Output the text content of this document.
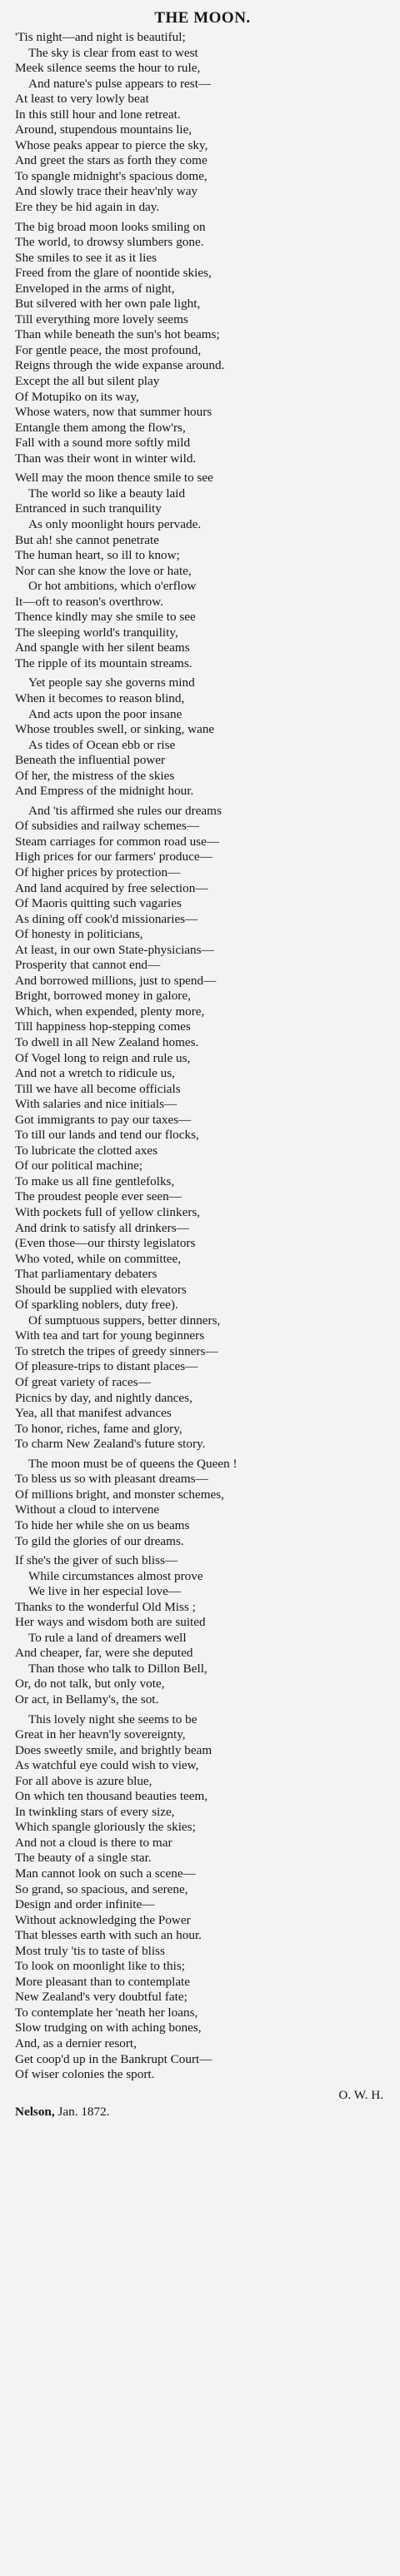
THE MOON.
'Tis night—and night is beautiful;
The sky is clear from east to west
Meek silence seems the hour to rule,
And nature's pulse appears to rest—
At least to very lowly beat
In this still hour and lone retreat.
Around, stupendous mountains lie,
Whose peaks appear to pierce the sky,
And greet the stars as forth they come
To spangle midnight's spacious dome,
And slowly trace their heav'nly way
Ere they be hid again in day.
The big broad moon looks smiling on
The world, to drowsy slumbers gone.
She smiles to see it as it lies
Freed from the glare of noontide skies,
Enveloped in the arms of night,
But silvered with her own pale light,
Till everything more lovely seems
Than while beneath the sun's hot beams;
For gentle peace, the most profound,
Reigns through the wide expanse around.
Except the all but silent play
Of Motupiko on its way,
Whose waters, now that summer hours
Entangle them among the flow'rs,
Fall with a sound more softly mild
Than was their wont in winter wild.
Well may the moon thence smile to see
The world so like a beauty laid
Entranced in such tranquility
As only moonlight hours pervade.
But ah! she cannot penetrate
The human heart, so ill to know;
Nor can she know the love or hate,
Or hot ambitions, which o'erflow
It—oft to reason's overthrow.
Thence kindly may she smile to see
The sleeping world's tranquility,
And spangle with her silent beams
The ripple of its mountain streams.
Yet people say she governs mind
When it becomes to reason blind,
And acts upon the poor insane
Whose troubles swell, or sinking, wane
As tides of Ocean ebb or rise
Beneath the influential power
Of her, the mistress of the skies
And Empress of the midnight hour.
And 'tis affirmed she rules our dreams
Of subsidies and railway schemes—
Steam carriages for common road use—
High prices for our farmers' produce—
Of higher prices by protection—
And land acquired by free selection—
Of Maoris quitting such vagaries
As dining off cook'd missionaries—
Of honesty in politicians,
At least, in our own State-physicians—
Prosperity that cannot end—
And borrowed millions, just to spend—
Bright, borrowed money in galore,
Which, when expended, plenty more,
Till happiness hop-stepping comes
To dwell in all New Zealand homes.
Of Vogel long to reign and rule us,
And not a wretch to ridicule us,
Till we have all become officials
With salaries and nice initials—
Got immigrants to pay our taxes—
To till our lands and tend our flocks,
To lubricate the clotted axes
Of our political machine;
To make us all fine gentlefolks,
The proudest people ever seen—
With pockets full of yellow clinkers,
And drink to satisfy all drinkers—
(Even those—our thirsty legislators
Who voted, while on committee,
That parliamentary debaters
Should be supplied with elevators
Of sparkling noblers, duty free).
Of sumptuous suppers, better dinners,
With tea and tart for young beginners
To stretch the tripes of greedy sinners—
Of pleasure-trips to distant places—
Of great variety of races—
Picnics by day, and nightly dances,
Yea, all that manifest advances
To honor, riches, fame and glory,
To charm New Zealand's future story.
The moon must be of queens the Queen !
To bless us so with pleasant dreams—
Of millions bright, and monster schemes,
Without a cloud to intervene
To hide her while she on us beams
To gild the glories of our dreams.
If she's the giver of such bliss—
While circumstances almost prove
We live in her especial love—
Thanks to the wonderful Old Miss ;
Her ways and wisdom both are suited
To rule a land of dreamers well
And cheaper, far, were she deputed
Than those who talk to Dillon Bell,
Or, do not talk, but only vote,
Or act, in Bellamy's, the sot.
This lovely night she seems to be
Great in her heavn'ly sovereignty,
Does sweetly smile, and brightly beam
As watchful eye could wish to view,
For all above is azure blue,
On which ten thousand beauties teem,
In twinkling stars of every size,
Which spangle gloriously the skies;
And not a cloud is there to mar
The beauty of a single star.
Man cannot look on such a scene—
So grand, so spacious, and serene,
Design and order infinite—
Without acknowledging the Power
That blesses earth with such an hour.
Most truly 'tis to taste of bliss
To look on moonlight like to this;
More pleasant than to contemplate
New Zealand's very doubtful fate;
To contemplate her 'neath her loans,
Slow trudging on with aching bones,
And, as a dernier resort,
Get coop'd up in the Bankrupt Court—
Of wiser colonies the sport.
O. W. H.
Nelson, Jan. 1872.
